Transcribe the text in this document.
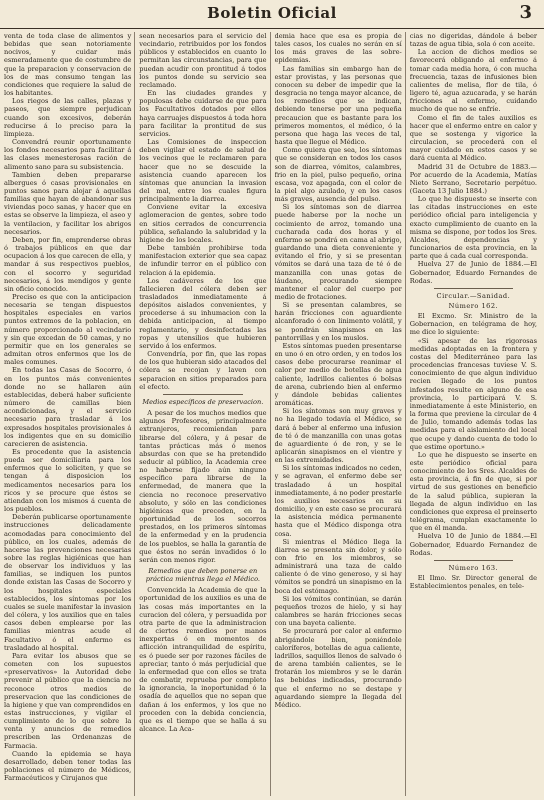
Boletin Oficial	3

venta de toda clase de alimentos y bebidas que sean notoriamente nocivos, y cuidar más esmeradamente que de costumbre de que la preparacion y conservacion de los de mas consumo tengan las condiciones que requiere la salud de los habitantes.

Los riegos de las calles, plazas y paseos, que siempre perjudican cuando son excesivos, deberán reducirse á lo preciso para la limpieza.

Convendrá reunir oportunamente los fondos necesarios para facilitar á las clases menesterosas ración de alimento sano para su subsistencia.

Tambien deben prepararse albergues ó casas provisionales en puntos sanos para alojar á aquellas familias que hayan de abandonar sus viviendas poco sanas, y hacer que en estas se observe la limpieza, el aseo y la ventilacion, y facilitar los abrigos necesarios.

Deben, por fin, emprenderse obras ó trabajos públicos en que dar ocupacion á los que carecen de ella, y mandar á sus respectivos pueblos, con el socorro y seguridad necesarios, á los mendigos y gente sin oficio conocido.

Preciso es que con la anticipacion necesaria se tengan dispuestos hospitales especiales en varios puntos extremos de la poblacion, en número proporcionado al vecindario y sin que excedan de 50 camas, y no permitir que en los generales se admitan otros enfermos que los de males comunes.

En todas las Casas de Socorro, ó en los puntos más convenientes donde no se hallaren aún establecidas, deberá haber suficiente número de camillas bien acondicionadas, y el servicio necesario para trasladar á los expresados hospitales provisionales á los indigentes que en su domicilio carecieren de asistencia.

Es procedente que la asistencia pueda ser domiciliaria para los enfermos que lo soliciten, y que se tengan á disposicion los medicamentos necesarios para los ricos y se procure que éstos se atiendan con los mismos á cuenta de los pueblos.

Deberán publicarse oportunamente instrucciones delicadamente acomodadas para conocimiento del público, en los cuales, además de hacerse las prevenciones necesarias sobre las reglas higiénicas que han de observar los individuos y las familias, se indiquen los puntos donde existan las Casas de Socorro y los hospitales especiales establecidos, los síntomas por los cuales se suele manifestar la invasion del cólera, y los auxilios que en tales casos deben emplearse por las familias mientras acude el Facultativo ó el enfermo es trasladado al hospital.

Para evitar los abusos que se cometen con los supuestos «preservativos» la Autoridad debe prevenir al público que la ciencia no reconoce otros medios de preservacion que las condiciones de la higiene y que van comprendidos en estas instrucciones, y vigilar el cumplimiento de lo que sobre la venta y anuncios de remedios prescriben las Ordenanzas de Farmacia.

Cuando la epidemia se haya desarrollado, deben tener todas las poblaciones el número de Médicos, Farmacéuticos y Cirujanos que

sean necesarios para el servicio del vecindario, retribuidos por los fondos públicos y establecidos en cuanto lo permitan las circunstancias, para que puedan acudir con prontitud á todos los puntos donde su servicio sea reclamado.

En las ciudades grandes y populosas debe cuidarse de que para los Facultativos dotados por ellos haya carruajes dispuestos á toda hora para facilitar la prontitud de sus servicios.

Las Comisiones de inspeccion deben vigilar el estado de salud de los vecinos que le reclamaren para hacer que no se descuide la asistencia cuando aparecen los síntomas que anuncian la invasion del mal, entre los cuales figura principalmente la diarrea.

Conviene evitar la excesiva aglomeracion de gentes, sobre todo en sitios cerrados de concurrencia pública, señalando la salubridad y la higiene de los locales.

Debe también prohibirse toda manifestacion exterior que sea capaz de infundir terror en el público con relacion á la epidemia.

Los cadáveres de los que fallecieren del cólera deben ser trasladados inmediatamente á depósitos aislados convenientes, y procederse á su inhumacion con la debida anticipacion, al tiempo reglamentario, y desinfectadas las ropas y utensilios que hubieren servido á los enfermos.

Convendría, por fin, que las ropas de los que hubieran sido atacados del cólera se recojan y laven con separacion en sitios preparados para el efecto.

Medios específicos de preservacion.

A pesar de los muchos medios que algunos Profesores, principalmente extranjeros, recomiendan para librarse del cólera, y á pesar de tantas prácticas más ó menos absurdas con que se ha pretendido seducir al público, la Academia cree no haberse fijado aún ninguno específico para librarse de la enfermedad, de manera que la ciencia no reconoce preservativo absoluto, y sólo en las condiciones higiénicas que preceden, en la oportunidad de los socorros prestados, en los primeros síntomas de la enfermedad y en la prudencia de los pueblos, se halla la garantía de que éstos no serán invadidos ó lo serán con menos rigor.

Remedios que deben ponerse en práctica mientras llega el Médico.

Convencida la Academia de que la oportunidad de los auxilios es una de las cosas más importantes en la curacion del cólera, y persuadida por otra parte de que la administracion de ciertos remedios por manos inexpertas ó en momentos de aflicción intranquilidad de espíritu, es ó puede ser por razones fáciles de apreciar, tanto ó más perjudicial que la enfermedad que con ellos se trata de combatir, reprueba por completo la ignorancia, la inoportunidad ó la osadía de aquellos que no sepan que dañan á los enfermos, y los que no proceden con la debida conciencia, que es el tiempo que se halla á su alcance. La Aca-

demia hace que esa es propia de tales casos, los cuales no serán en sí los más graves de las sobre-epidemias.

Las familias sin embargo han de estar provistas, y las personas que conocen su deber de impedir que la desgracia no tenga mayor alcance, de los remedios que se indican, debiendo tenerse por una pequeña precaucion que es bastante para los primeros momentos, el médico, ó la persona que haga las veces de tal, hasta que llegue el Médico.

Como quiera que sea, los síntomas que se consideran en todos los casos son de diarrea, vómitos, calambres, frio en la piel, pulso pequeño, orina escasa, voz apagada, con el color de la piel algo azulado, y en los casos más graves, ausencia del pulso.

Si los síntomas son de diarrea puede haberse por la noche un cocimiento de arroz, tomando una cucharada cada dos horas y el enfermo se pondrá en cama al abrigo, guardando una dieta conveniente y evitando el frio, y si se presentan vómitos se dará una taza de té ó de manzanilla con unas gotas de láudano, procurando siempre mantener el calor del cuerpo por medio de frotaciones.

Si se presentan calambres, se harán fricciones con aguardiente alcanforado ó con linimento volátil, y se pondrán sinapismos en las pantorrillas y en los muslos.

Estos síntomas pueden presentarse en uno ó en otro orden, y en todos los casos debe procurarse reanimar el calor por medio de botellas de agua caliente, ladrillos calientes ó bolsas de arena, cubriendo bien al enfermo y dándole bebidas calientes aromáticas.

Si los síntomas son muy graves y no ha llegado todavía el Médico, se dará á beber al enfermo una infusion de té ó de manzanilla con unas gotas de aguardiente ó de ron, y se le aplicarán sinapismos en el vientre y en las extremidades.

Si los síntomas indicados no ceden, y se agravan, el enfermo debe ser trasladado á un hospital inmediatamente, á no poder prestarle los auxilios necesarios en su domicilio, y en este caso se procurará la asistencia médica permanente hasta que el Médico disponga otra cosa.

Si mientras el Médico llega la diarrea se presenta sin dolor, y sólo con frio en los miembros, se administrará una taza de caldo caliente ó de vino generoso, y si hay vómitos se pondrá un sinapismo en la boca del estómago.

Si los vómitos continúan, se darán pequeños trozos de hielo, y si hay calambres se harán fricciones secas con una bayeta caliente.

Se procurará por calor al enfermo abrigándole bien, poniéndole caloríferos, botellas de agua caliente, ladrillos, saquillos llenos de salvado ó de arena también calientes, se le frotarán los miembros y se le darán las bebidas indicadas, procurando que el enfermo no se destape y aguardando siempre la llegada del Médico.

cias no digeridas, dándole á beber tazas de agua tibia, sola ó con aceite.

La accion de dichos medios se favorecerá obligando al enfermo á tomar cada media hora, ó con mucha frecuencia, tazas de infusiones bien calientes de melisa, flor de tila, ó ligero té, agua azucarada, y se harán fricciones al enfermo, cuidando mucho de que no se enfríe.

Como el fin de tales auxilios es hacer que el enfermo entre en calor y que se sostenga y vigorice la circulacion, se procederá con el mayor cuidado en estos casos y se dará cuenta al Médico.

Madrid 31 de Octubre de 1883.—Por acuerdo de la Academia, Matías Nieto Serrano, Secretario perpétuo. (Gaceta 13 Julio 1884.)

Lo que he dispuesto se inserte con las citadas instrucciones en este periódico oficial para inteligencia y exacto cumplimiento de cuanto en la misma se dispone, por todos los Sres. Alcaldes, dependencias y funcionarios de esta provincia, en la parte que á cada cual corresponda.

Huelva 27 de Junio de 1884.—El Gobernador, Eduardo Fernandes de Rodas.

Circular.—Sanidad.

Número 162.

El Excmo. Sr. Ministro de la Gobernacion, en telégrama de hoy, me dice lo siguiente:

«Si apesar de las rigorosas medidas adoptadas en la frontera y costas del Mediterráneo para las procedencias francesas tuviese V. S. conocimiento de que algun individuo recien llegado de los puntos infestados resulte en alguno de esa provincia, lo participará V. S. inmediatamente á este Ministerio, en la forma que previene la circular de 4 de Julio, tomando además todas las medidas para el aislamiento del local que ocupe y dando cuenta de todo lo que estime oportuno.»

Lo que he dispuesto se inserte en este periódico oficial para conocimiento de los Sres. Alcaldes de esta provincia, á fin de que, si por virtud de sus gestiones en beneficio de la salud pública, supieran la llegada de algun individuo en las condiciones que expresa el preinserto telégrama, cumplan exactamente lo que en él manda.

Huelva 10 de Junio de 1884.—El Gobernador, Eduardo Fernandez de Rodas.

Número 163.

El Ilmo. Sr. Director general de Establecimientos penales, en tele-
